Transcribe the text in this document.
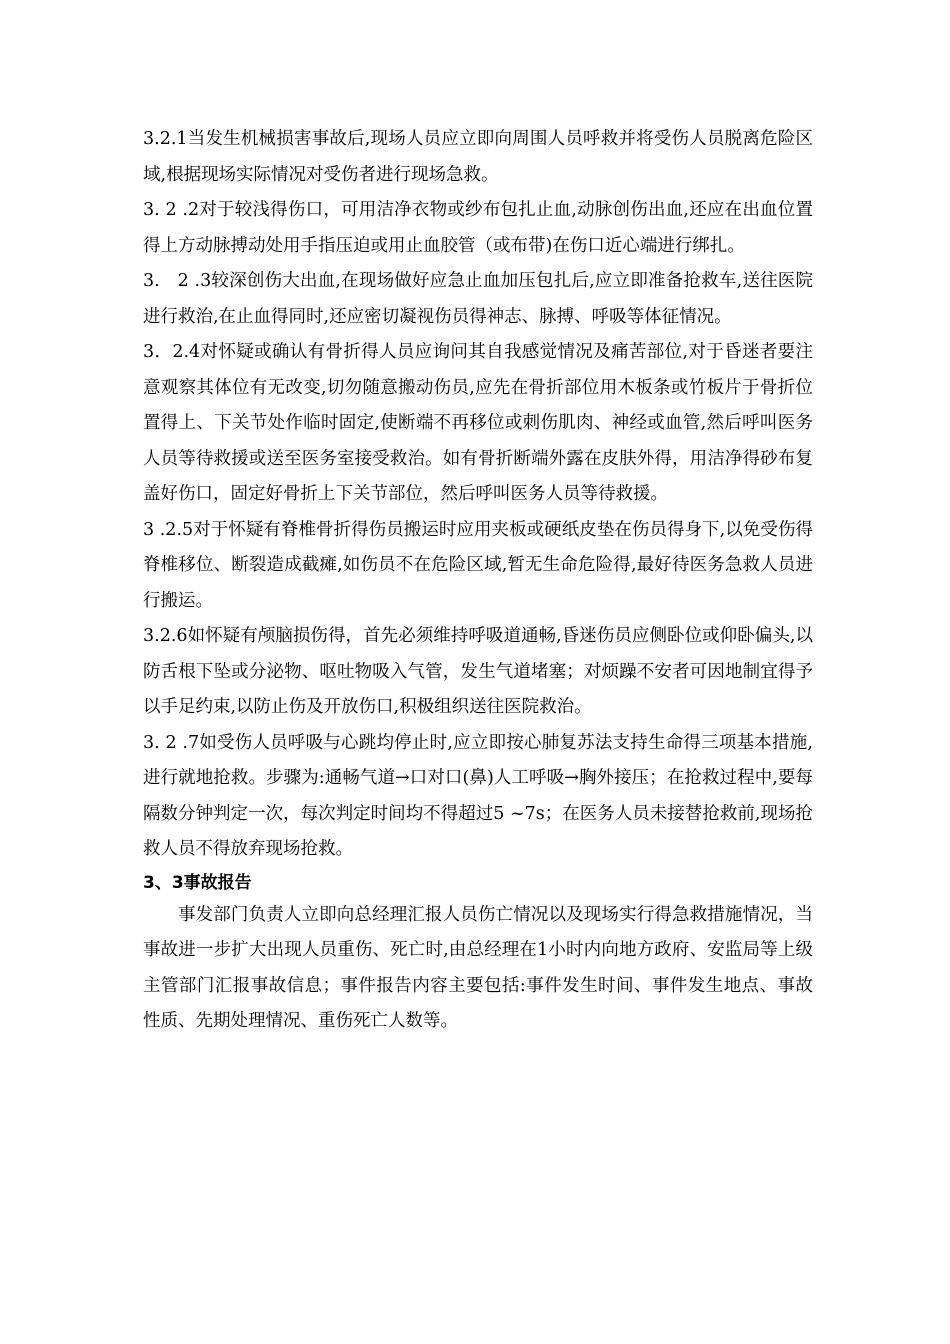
3.2.1当发生机械损害事故后,现场人员应立即向周围人员呼救并将受伤人员脱离危险区域,根据现场实际情况对受伤者进行现场急救。

3. 2 .2对于较浅得伤口，可用洁净衣物或纱布包扎止血,动脉创伤出血,还应在出血位置得上方动脉搏动处用手指压迫或用止血胶管（或布带)在伤口近心端进行绑扎。

3.　2 .3较深创伤大出血,在现场做好应急止血加压包扎后,应立即准备抢救车,送往医院进行救治,在止血得同时,还应密切凝视伤员得神志、脉搏、呼吸等体征情况。

3．2.4对怀疑或确认有骨折得人员应询问其自我感觉情况及痛苦部位,对于昏迷者要注意观察其体位有无改变,切勿随意搬动伤员,应先在骨折部位用木板条或竹板片于骨折位置得上、下关节处作临时固定,使断端不再移位或刺伤肌肉、神经或血管,然后呼叫医务人员等待救援或送至医务室接受救治。如有骨折断端外露在皮肤外得，用洁净得砂布复盖好伤口，固定好骨折上下关节部位，然后呼叫医务人员等待救援。

3 .2.5对于怀疑有脊椎骨折得伤员搬运时应用夹板或硬纸皮垫在伤员得身下,以免受伤得脊椎移位、断裂造成截瘫,如伤员不在危险区域,暂无生命危险得,最好待医务急救人员进行搬运。

3.2.6如怀疑有颅脑损伤得，首先必须维持呼吸道通畅,昏迷伤员应侧卧位或仰卧偏头,以防舌根下坠或分泌物、呕吐物吸入气管，发生气道堵塞；对烦躁不安者可因地制宜得予以手足约束,以防止伤及开放伤口,积极组织送往医院救治。

3. 2 .7如受伤人员呼吸与心跳均停止时,应立即按心肺复苏法支持生命得三项基本措施,进行就地抢救。步骤为:通畅气道→口对口(鼻)人工呼吸→胸外接压；在抢救过程中,要每隔数分钟判定一次，每次判定时间均不得超过5 ~7s；在医务人员未接替抢救前,现场抢救人员不得放弃现场抢救。

3、3事故报告

事发部门负责人立即向总经理汇报人员伤亡情况以及现场实行得急救措施情况，当事故进一步扩大出现人员重伤、死亡时,由总经理在1小时内向地方政府、安监局等上级主管部门汇报事故信息；事件报告内容主要包括:事件发生时间、事件发生地点、事故性质、先期处理情况、重伤死亡人数等。
